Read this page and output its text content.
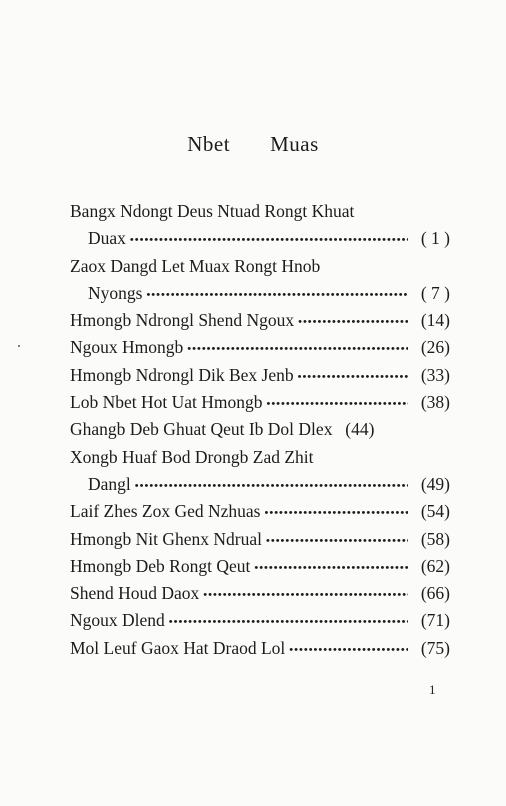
Nbet Muas
Bangx Ndongt Deus Ntuad Rongt Khuat
Duax •••••	( 1 )
Zaox Dangd Let Muax Rongt Hnob
Nyongs •••••	( 7 )
Hmongb Ndrongl Shend Ngoux •••••	(14)
Ngoux Hmongb •••••	(26)
Hmongb Ndrongl Dik Bex Jenb •••••	(33)
Lob Nbet Hot Uat Hmongb •••••	(38)
Ghangb Deb Ghuat Qeut Ib Dol Dlex (44)
Xongb Huaf Bod Drongb Zad Zhit
Dangl •••••	(49)
Laif Zhes Zox Ged Nzhuas •••••	(54)
Hmongb Nit Ghenx Ndrual •••••	(58)
Hmongb Deb Rongt Qeut •••••	(62)
Shend Houd Daox •••••	(66)
Ngoux Dlend •••••	(71)
Mol Leuf Gaox Hat Draod Lol •••••	(75)
1
